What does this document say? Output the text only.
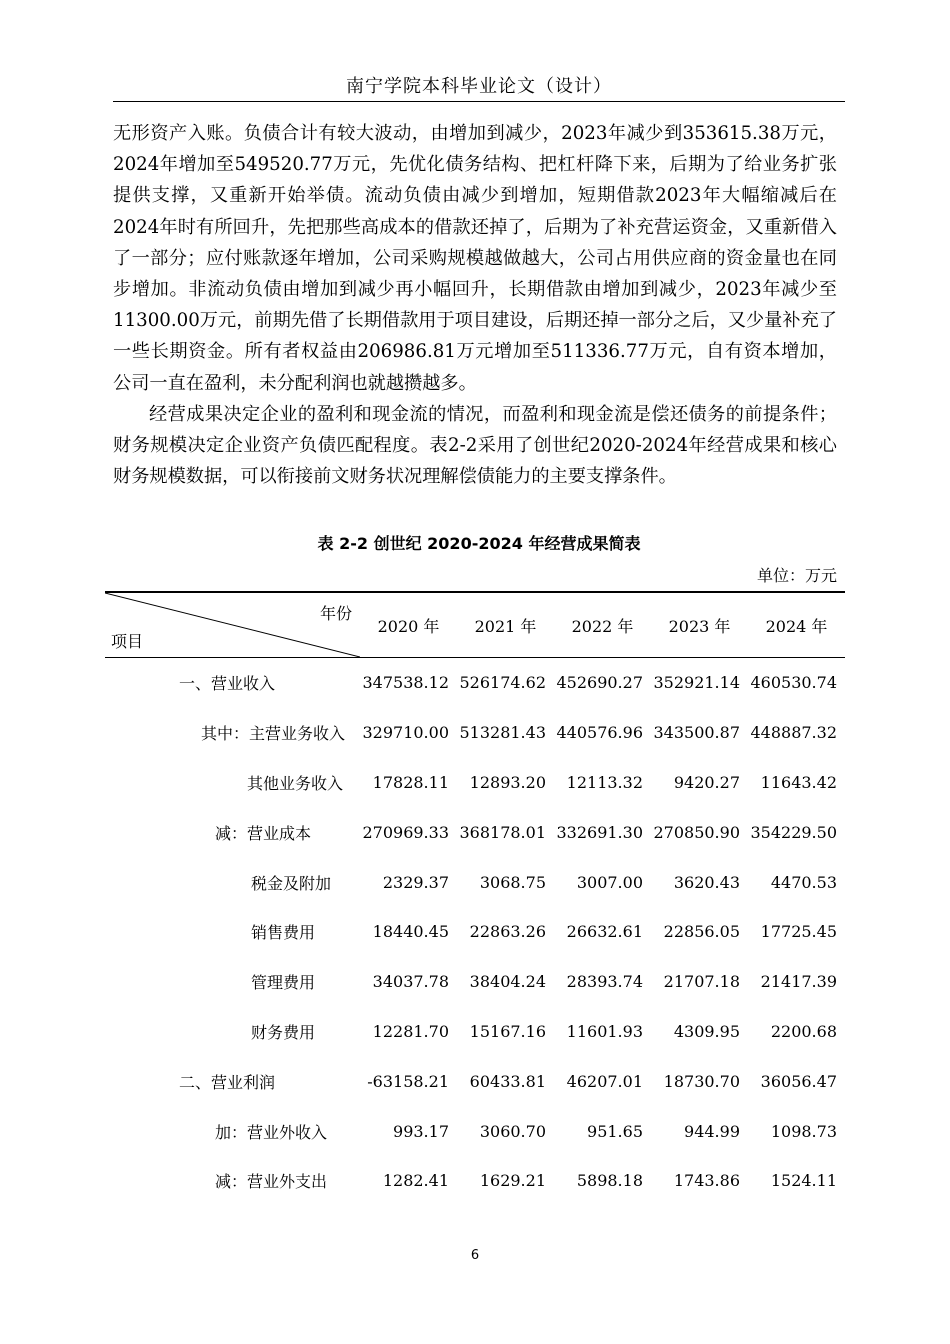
南宁学院本科毕业论文（设计）

无形资产入账。负债合计有较大波动，由增加到减少，2023年减少到353615.38万元，2024年增加至549520.77万元，先优化债务结构、把杠杆降下来，后期为了给业务扩张提供支撑，又重新开始举债。流动负债由减少到增加，短期借款2023年大幅缩减后在2024年时有所回升，先把那些高成本的借款还掉了，后期为了补充营运资金，又重新借入了一部分；应付账款逐年增加，公司采购规模越做越大，公司占用供应商的资金量也在同步增加。非流动负债由增加到减少再小幅回升，长期借款由增加到减少，2023年减少至11300.00万元，前期先借了长期借款用于项目建设，后期还掉一部分之后，又少量补充了一些长期资金。所有者权益由206986.81万元增加至511336.77万元，自有资本增加，公司一直在盈利，未分配利润也就越攒越多。

经营成果决定企业的盈利和现金流的情况，而盈利和现金流是偿还债务的前提条件；财务规模决定企业资产负债匹配程度。表2-2采用了创世纪2020-2024年经营成果和核心财务规模数据，可以衔接前文财务状况理解偿债能力的主要支撑条件。

表 2-2 创世纪 2020-2024 年经营成果简表
单位：万元
年份
项目	2020 年	2021 年	2022 年	2023 年	2024 年
一、营业收入	347538.12	526174.62	452690.27	352921.14	460530.74
其中：主营业务收入	329710.00	513281.43	440576.96	343500.87	448887.32
其他业务收入	17828.11	12893.20	12113.32	9420.27	11643.42
减：营业成本	270969.33	368178.01	332691.30	270850.90	354229.50
税金及附加	2329.37	3068.75	3007.00	3620.43	4470.53
销售费用	18440.45	22863.26	26632.61	22856.05	17725.45
管理费用	34037.78	38404.24	28393.74	21707.18	21417.39
财务费用	12281.70	15167.16	11601.93	4309.95	2200.68
二、营业利润	-63158.21	60433.81	46207.01	18730.70	36056.47
加：营业外收入	993.17	3060.70	951.65	944.99	1098.73
减：营业外支出	1282.41	1629.21	5898.18	1743.86	1524.11
6
